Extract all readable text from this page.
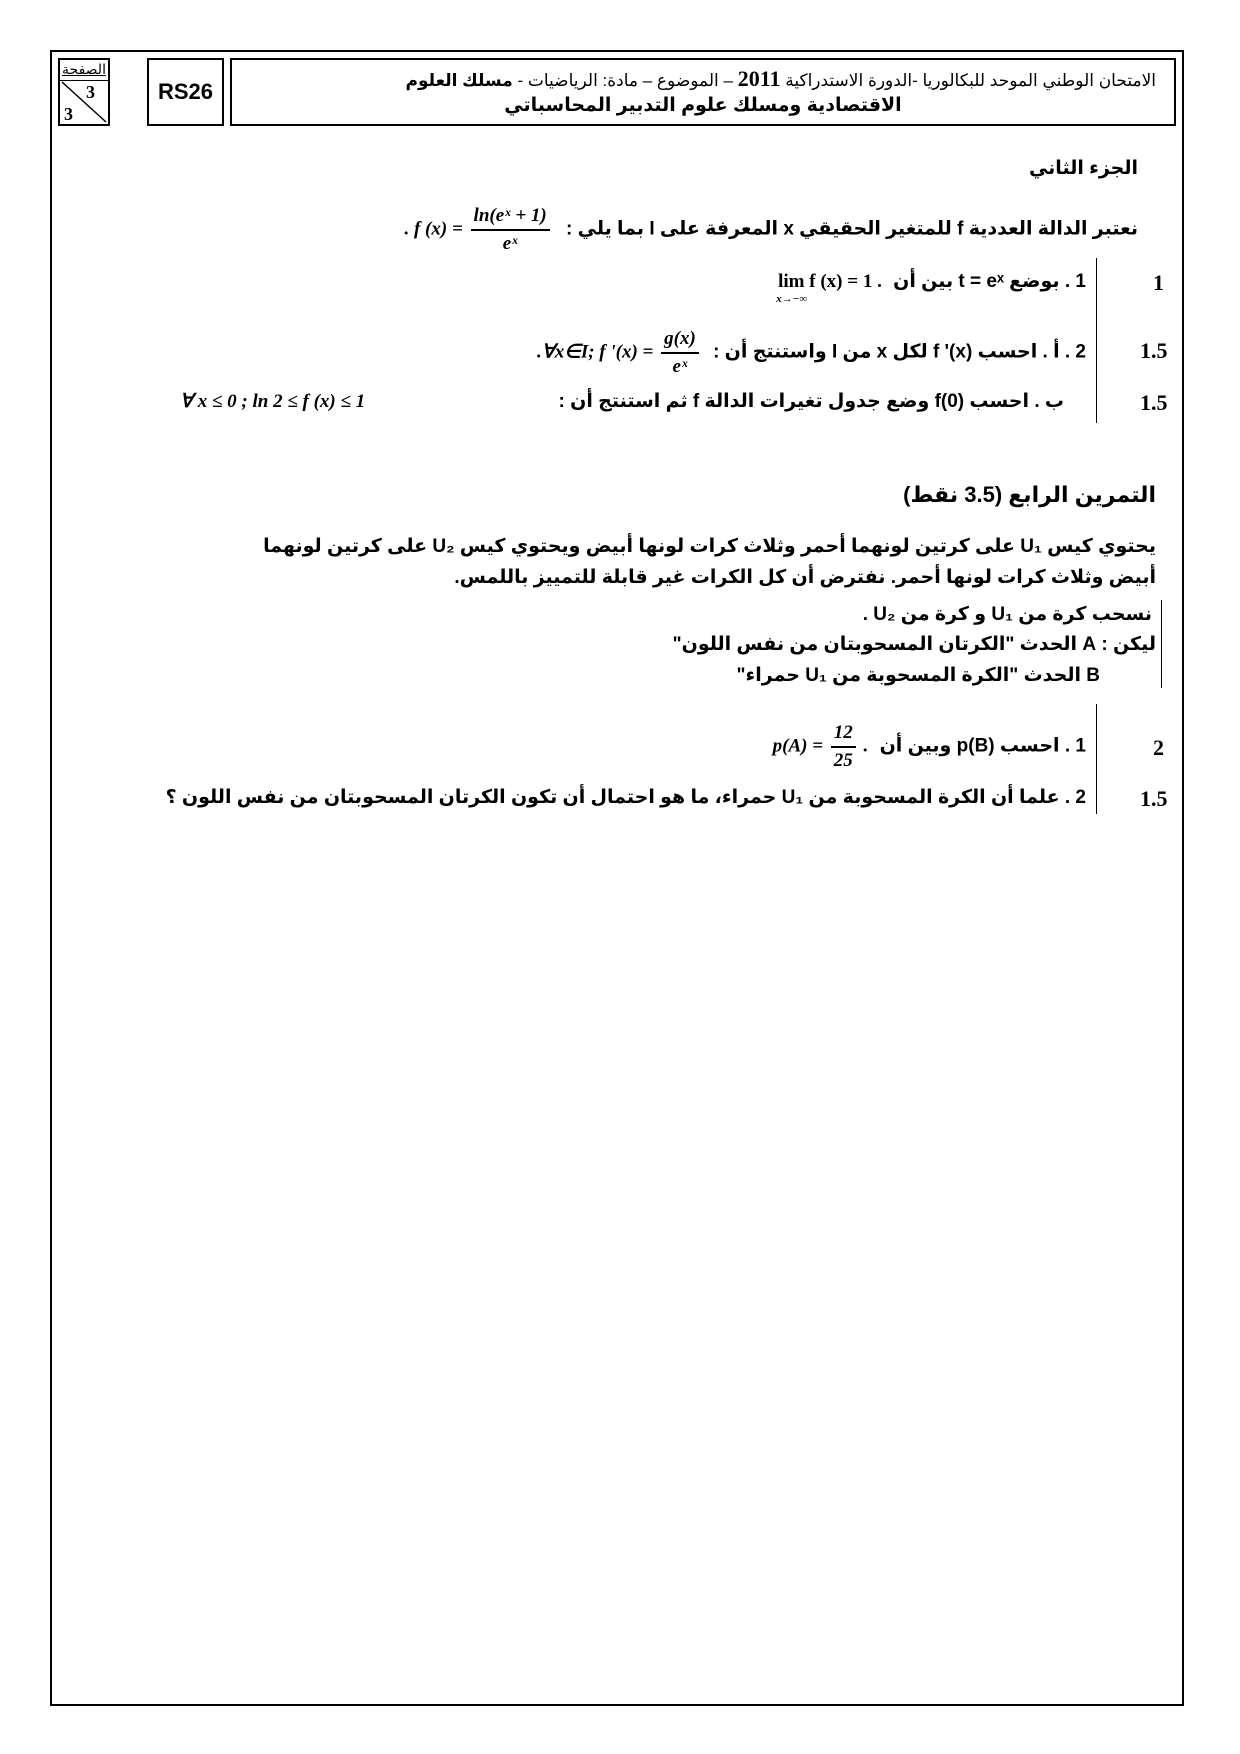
الصفحة
3
3
RS26	الامتحان الوطني الموحد للبكالوريا -الدورة الاستدراكية 2011 – الموضوع – مادة: الرياضيات - مسلك العلوم
الاقتصادية ومسلك علوم التدبير المحاسباتي
الجزء الثاني
نعتبر الدالة العددية f للمتغير الحقيقي x المعرفة على I بما يلي : . f $(x) = \frac{\text{ln(eˣ + 1)}}{\text{eˣ}}$
1
1 . بوضع t = eˣ بين أن lim f (x) = 1 .
x→−∞
1.5
2 . أ . احسب f '(x) لكل x من I واستنتج أن : .∀x∈I; f '$(x) = \frac{g(x)}{\text{eˣ}}$
1.5
ب . احسب f(0) وضع جدول تغيرات الدالة f ثم استنتج أن :
∀ x ≤ 0 ; ln 2 ≤ f (x) ≤ 1
التمرين الرابع (3.5 نقط)
يحتوي كيس U₁ على كرتين لونهما أحمر وثلاث كرات لونها أبيض ويحتوي كيس U₂ على كرتين لونهما
أبيض وثلاث كرات لونها أحمر. نفترض أن كل الكرات غير قابلة للتمييز باللمس.
نسحب كرة من U₁ و كرة من U₂ .
ليكن : A الحدث "الكرتان المسحوبتان من نفس اللون"
B الحدث "الكرة المسحوبة من U₁ حمراء"
2
1 . احسب p(B) وبين أن $p(A) = \frac{12}{25}$ .
1.5
2 . علما أن الكرة المسحوبة من U₁ حمراء، ما هو احتمال أن تكون الكرتان المسحوبتان من نفس اللون ؟
